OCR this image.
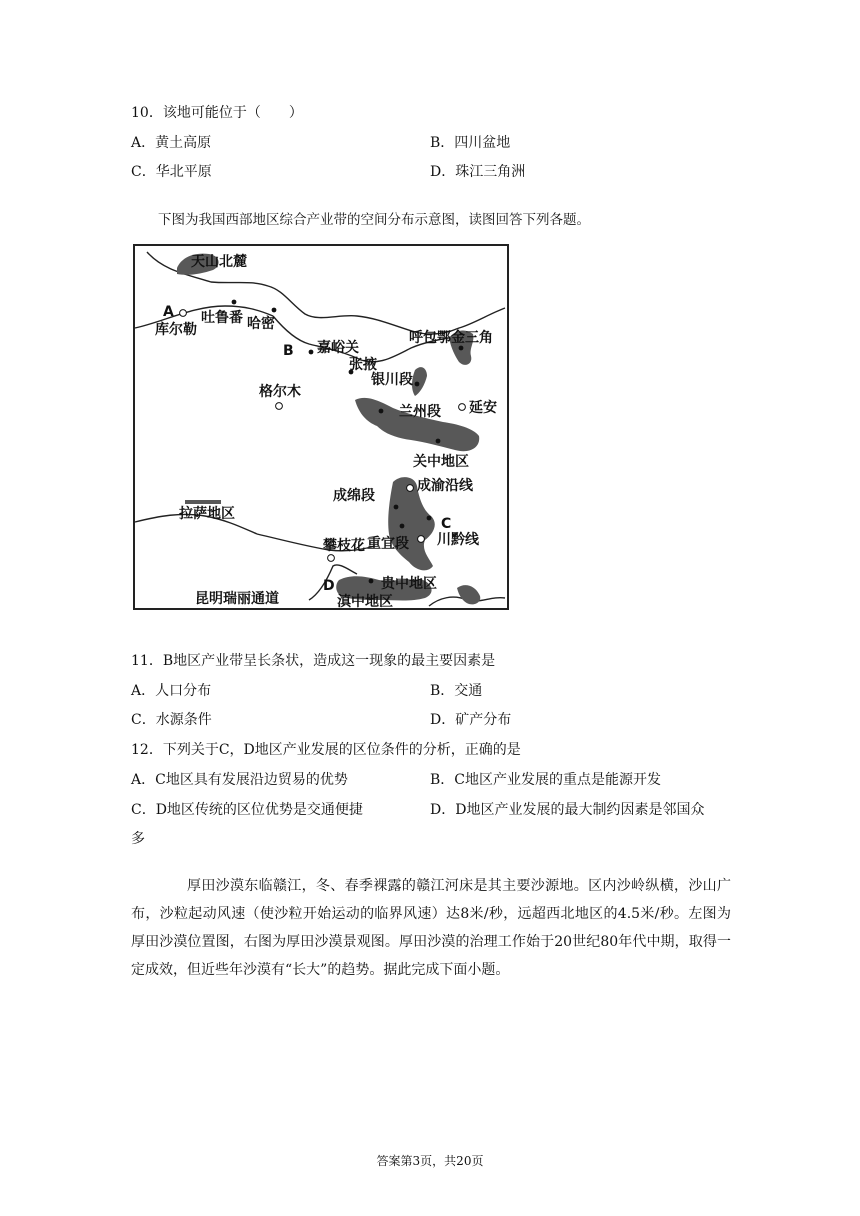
10．该地可能位于（　　）
A．黄土高原	B．四川盆地
C．华北平原	D．珠江三角洲
下图为我国西部地区综合产业带的空间分布示意图，读图回答下列各题。
天山北麓
A
库尔勒
吐鲁番 哈密
B 嘉峪关
张掖
呼包鄂金三角
银川段
格尔木
兰州段 延安
关中地区
成绵段
成渝沿线
C
川黔线
拉萨地区
攀枝花 重宜段
D	贵中地区
昆明瑞丽通道	滇中地区
11．B地区产业带呈长条状，造成这一现象的最主要因素是
A．人口分布	B．交通
C．水源条件	D．矿产分布
12．下列关于C，D地区产业发展的区位条件的分析，正确的是
A．C地区具有发展沿边贸易的优势	B．C地区产业发展的重点是能源开发
C．D地区传统的区位优势是交通便捷	D．D地区产业发展的最大制约因素是邻国众
多
厚田沙漠东临赣江，冬、春季裸露的赣江河床是其主要沙源地。区内沙岭纵横，沙山广布，沙粒起动风速（使沙粒开始运动的临界风速）达8米/秒，远超西北地区的4.5米/秒。左图为厚田沙漠位置图，右图为厚田沙漠景观图。厚田沙漠的治理工作始于20世纪80年代中期，取得一定成效，但近些年沙漠有“长大”的趋势。据此完成下面小题。
答案第3页，共20页
